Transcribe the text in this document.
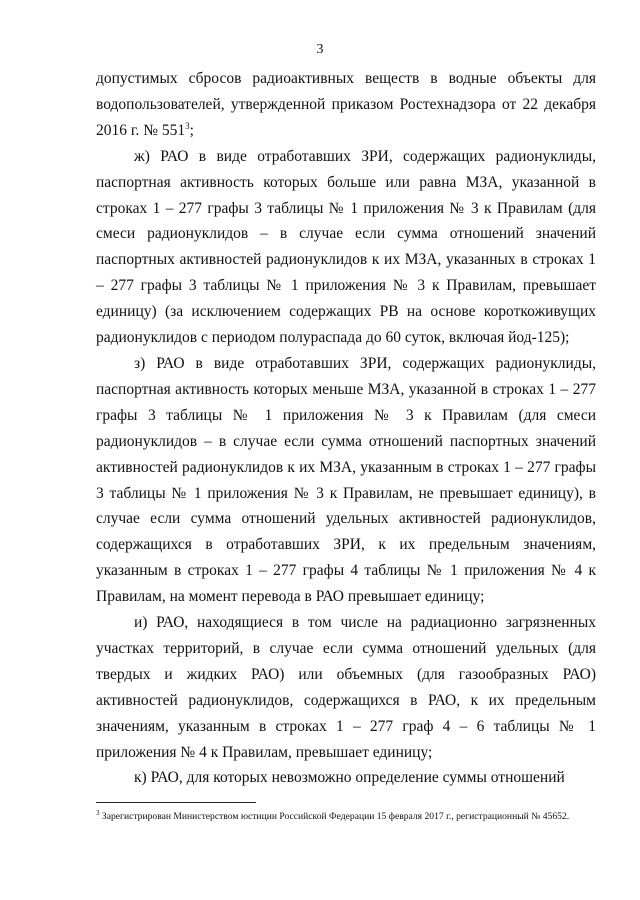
3

допустимых сбросов радиоактивных веществ в водные объекты для водопользователей, утвержденной приказом Ростехнадзора от 22 декабря 2016 г. № 551$^3$;

ж) РАО в виде отработавших ЗРИ, содержащих радионуклиды, паспортная активность которых больше или равна МЗА, указанной в строках 1 – 277 графы 3 таблицы № 1 приложения № 3 к Правилам (для смеси радионуклидов – в случае если сумма отношений значений паспортных активностей радионуклидов к их МЗА, указанных в строках 1 – 277 графы 3 таблицы № 1 приложения № 3 к Правилам, превышает единицу) (за исключением содержащих РВ на основе короткоживущих радионуклидов с периодом полураспада до 60 суток, включая йод-125);

з) РАО в виде отработавших ЗРИ, содержащих радионуклиды, паспортная активность которых меньше МЗА, указанной в строках 1 – 277 графы 3 таблицы № 1 приложения № 3 к Правилам (для смеси радионуклидов – в случае если сумма отношений паспортных значений активностей радионуклидов к их МЗА, указанным в строках 1 – 277 графы 3 таблицы № 1 приложения № 3 к Правилам, не превышает единицу), в случае если сумма отношений удельных активностей радионуклидов, содержащихся в отработавших ЗРИ, к их предельным значениям, указанным в строках 1 – 277 графы 4 таблицы № 1 приложения № 4 к Правилам, на момент перевода в РАО превышает единицу;

и) РАО, находящиеся в том числе на радиационно загрязненных участках территорий, в случае если сумма отношений удельных (для твердых и жидких РАО) или объемных (для газообразных РАО) активностей радионуклидов, содержащихся в РАО, к их предельным значениям, указанным в строках 1 – 277 граф 4 – 6 таблицы № 1 приложения № 4 к Правилам, превышает единицу;

к) РАО, для которых невозможно определение суммы отношений

$^3$ Зарегистрирован Министерством юстиции Российской Федерации 15 февраля 2017 г., регистрационный № 45652.
